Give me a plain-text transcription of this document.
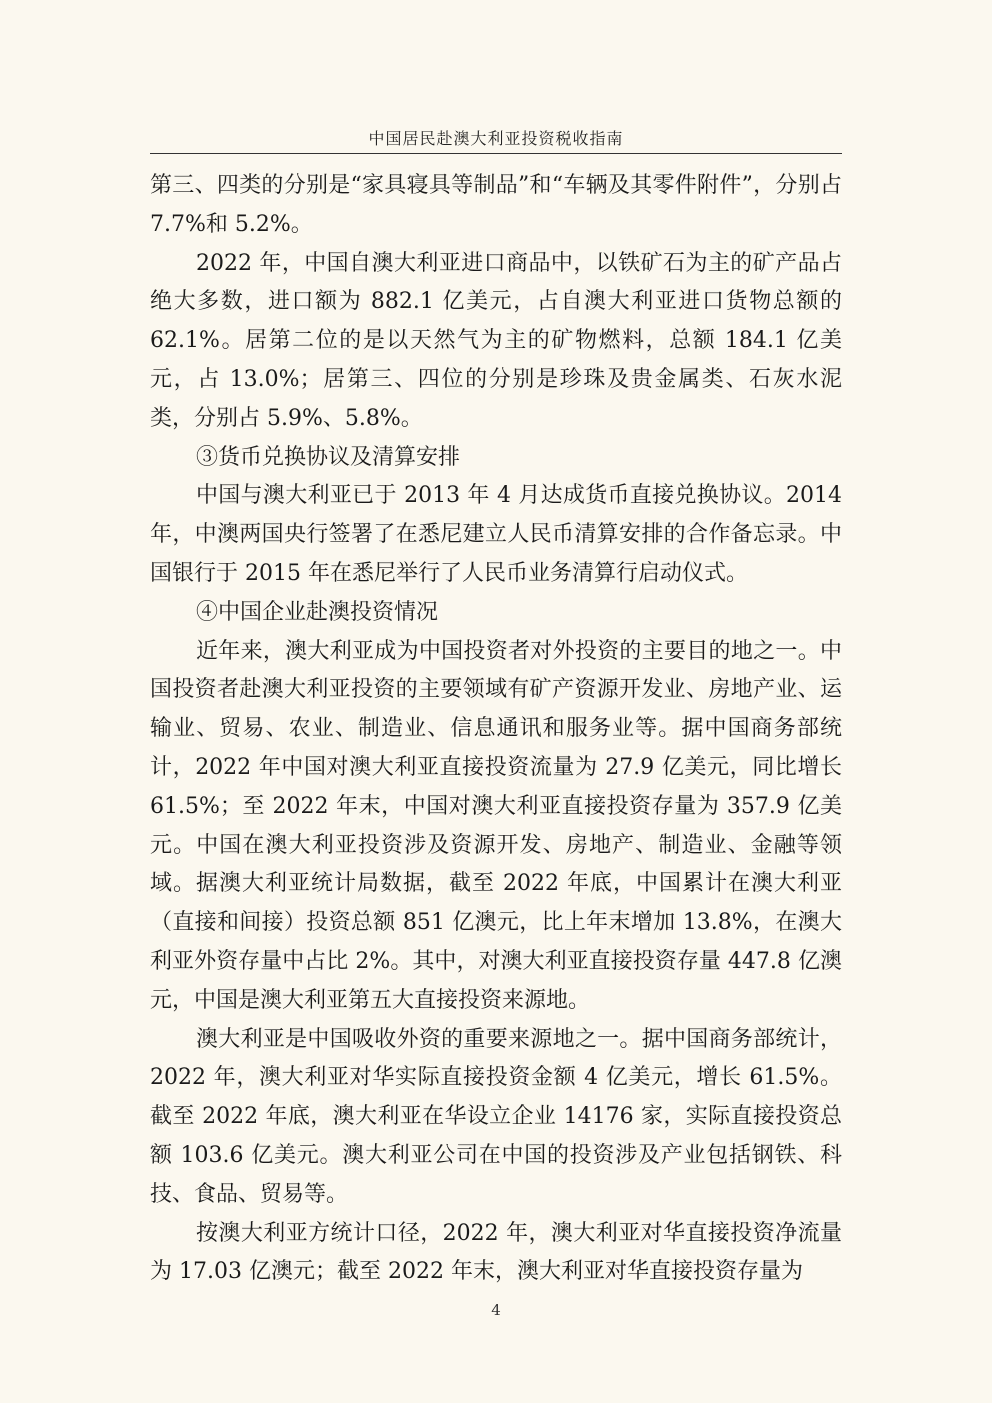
中国居民赴澳大利亚投资税收指南

第三、四类的分别是“家具寝具等制品”和“车辆及其零件附件”，分别占 7.7%和 5.2%。

2022 年，中国自澳大利亚进口商品中，以铁矿石为主的矿产品占绝大多数，进口额为 882.1 亿美元，占自澳大利亚进口货物总额的 62.1%。居第二位的是以天然气为主的矿物燃料，总额 184.1 亿美元，占 13.0%；居第三、四位的分别是珍珠及贵金属类、石灰水泥类，分别占 5.9%、5.8%。

③货币兑换协议及清算安排

中国与澳大利亚已于 2013 年 4 月达成货币直接兑换协议。2014 年，中澳两国央行签署了在悉尼建立人民币清算安排的合作备忘录。中国银行于 2015 年在悉尼举行了人民币业务清算行启动仪式。

④中国企业赴澳投资情况

近年来，澳大利亚成为中国投资者对外投资的主要目的地之一。中国投资者赴澳大利亚投资的主要领域有矿产资源开发业、房地产业、运输业、贸易、农业、制造业、信息通讯和服务业等。据中国商务部统计，2022 年中国对澳大利亚直接投资流量为 27.9 亿美元，同比增长 61.5%；至 2022 年末，中国对澳大利亚直接投资存量为 357.9 亿美元。中国在澳大利亚投资涉及资源开发、房地产、制造业、金融等领域。据澳大利亚统计局数据，截至 2022 年底，中国累计在澳大利亚（直接和间接）投资总额 851 亿澳元，比上年末增加 13.8%，在澳大利亚外资存量中占比 2%。其中，对澳大利亚直接投资存量 447.8 亿澳元，中国是澳大利亚第五大直接投资来源地。

澳大利亚是中国吸收外资的重要来源地之一。据中国商务部统计，2022 年，澳大利亚对华实际直接投资金额 4 亿美元，增长 61.5%。截至 2022 年底，澳大利亚在华设立企业 14176 家，实际直接投资总额 103.6 亿美元。澳大利亚公司在中国的投资涉及产业包括钢铁、科技、食品、贸易等。

按澳大利亚方统计口径，2022 年，澳大利亚对华直接投资净流量为 17.03 亿澳元；截至 2022 年末，澳大利亚对华直接投资存量为

4
